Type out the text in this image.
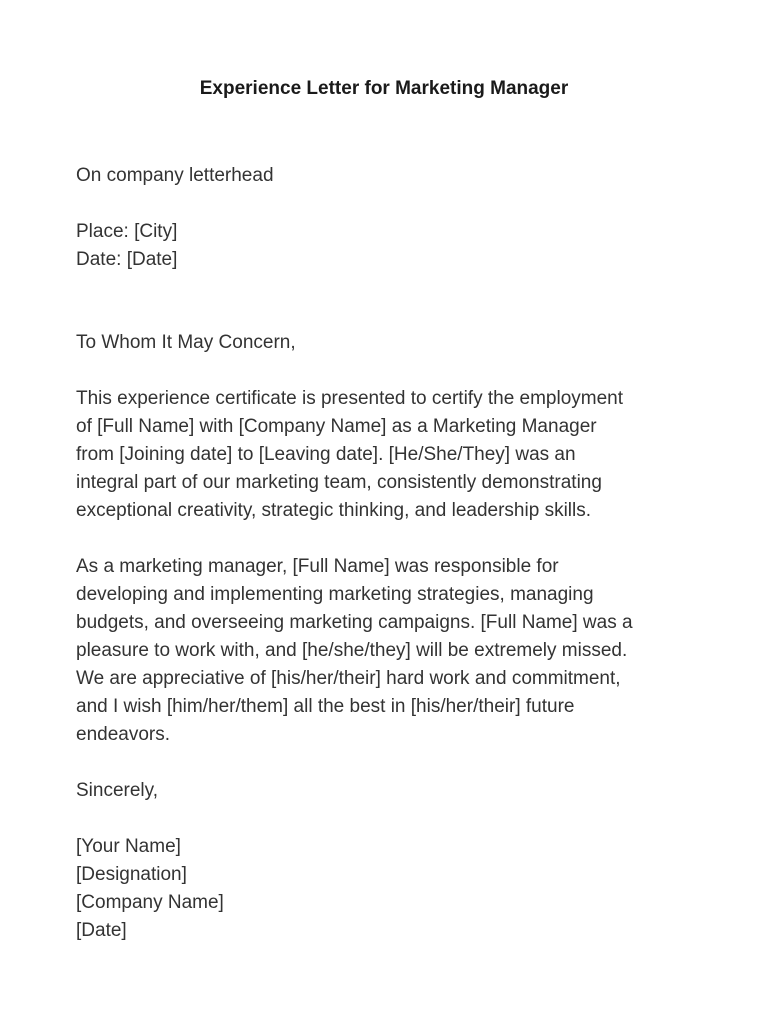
Experience Letter for Marketing Manager
On company letterhead
Place: [City]
Date: [Date]
To Whom It May Concern,
This experience certificate is presented to certify the employment
of [Full Name] with [Company Name] as a Marketing Manager
from [Joining date] to [Leaving date]. [He/She/They] was an
integral part of our marketing team, consistently demonstrating
exceptional creativity, strategic thinking, and leadership skills.
As a marketing manager, [Full Name] was responsible for
developing and implementing marketing strategies, managing
budgets, and overseeing marketing campaigns. [Full Name] was a
pleasure to work with, and [he/she/they] will be extremely missed.
We are appreciative of [his/her/their] hard work and commitment,
and I wish [him/her/them] all the best in [his/her/their] future
endeavors.
Sincerely,
[Your Name]
[Designation]
[Company Name]
[Date]
